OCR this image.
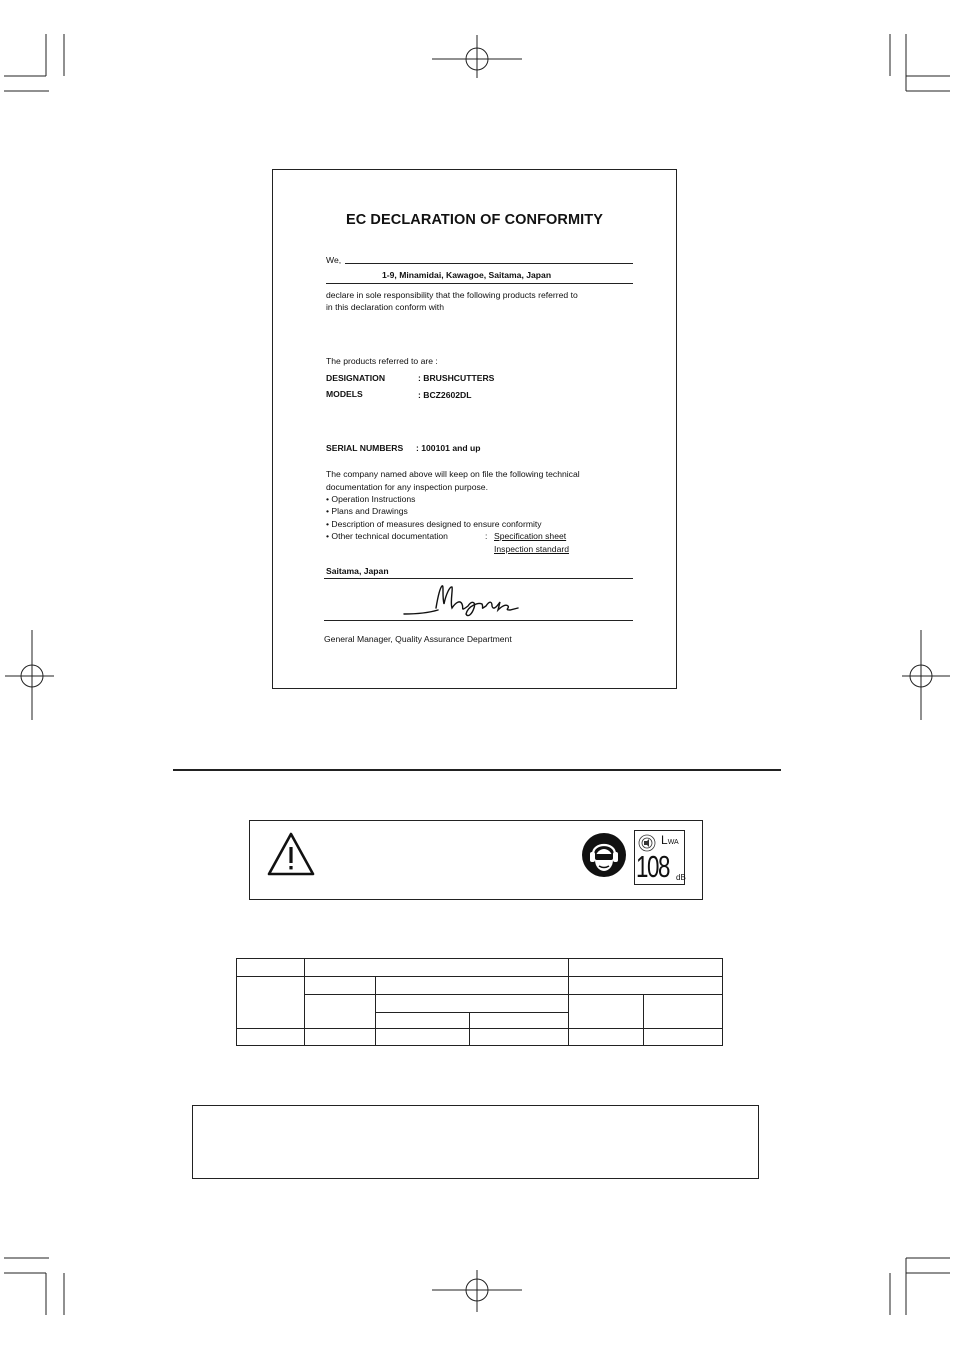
EC DECLARATION OF CONFORMITY
We,
1-9, Minamidai, Kawagoe, Saitama, Japan
declare in sole responsibility that the following products referred to
in this declaration conform with
The products referred to are :
DESIGNATION	: BRUSHCUTTERS
MODELS	: BCZ2602DL
SERIAL NUMBERS : 100101 and up
The company named above will keep on file the following technical
documentation for any inspection purpose.
• Operation Instructions
• Plans and Drawings
• Description of measures designed to ensure conformity
• Other technical documentation	: Specification sheet
Inspection standard
Saitama, Japan
General Manager, Quality Assurance Department
LWA
108 dB
